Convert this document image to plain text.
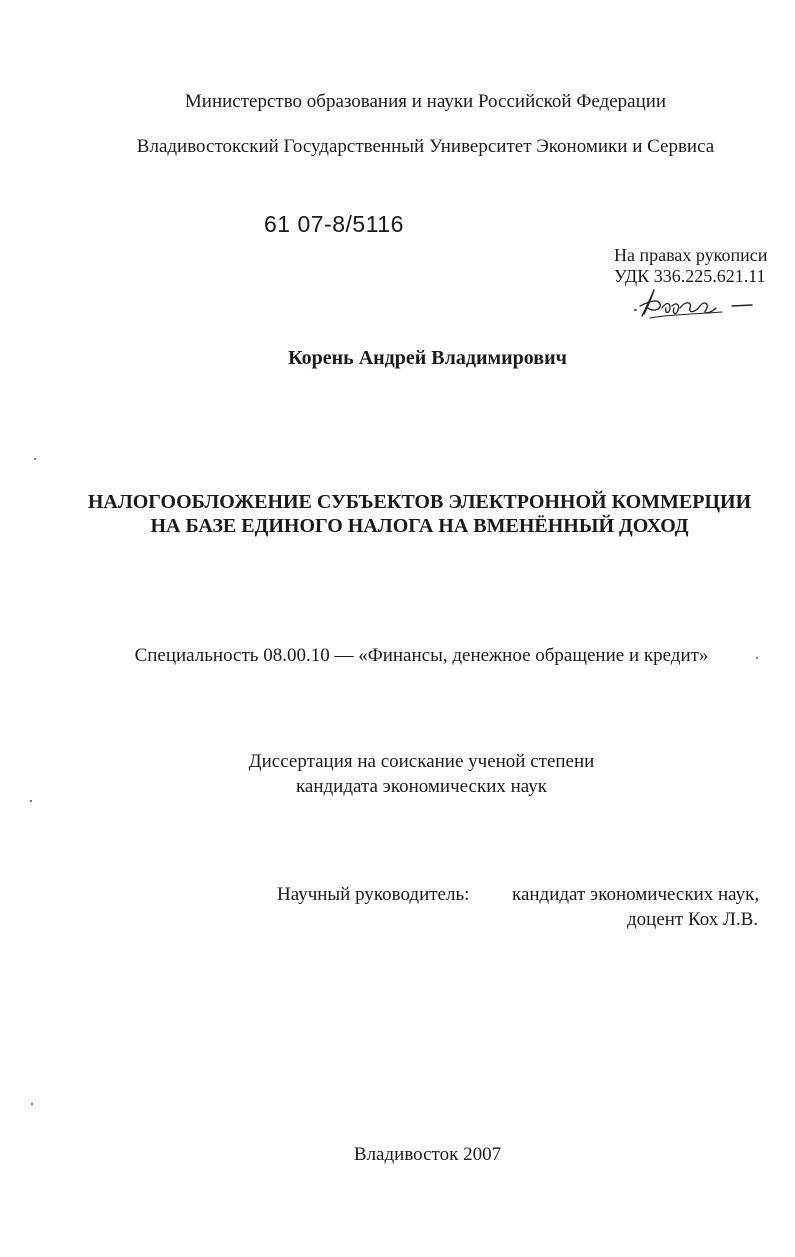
Министерство образования и науки Российской Федерации
Владивостокский Государственный Университет Экономики и Сервиса
61 07-8/5116
На правах рукописи
УДК 336.225.621.11
Корень Андрей Владимирович
НАЛОГООБЛОЖЕНИЕ СУБЪЕКТОВ ЭЛЕКТРОННОЙ КОММЕРЦИИ
НА БАЗЕ ЕДИНОГО НАЛОГА НА ВМЕНЁННЫЙ ДОХОД
Специальность 08.00.10 — «Финансы, денежное обращение и кредит»
Диссертация на соискание ученой степени
кандидата экономических наук
Научный руководитель: кандидат экономических наук,
доцент Кох Л.В.
Владивосток 2007
